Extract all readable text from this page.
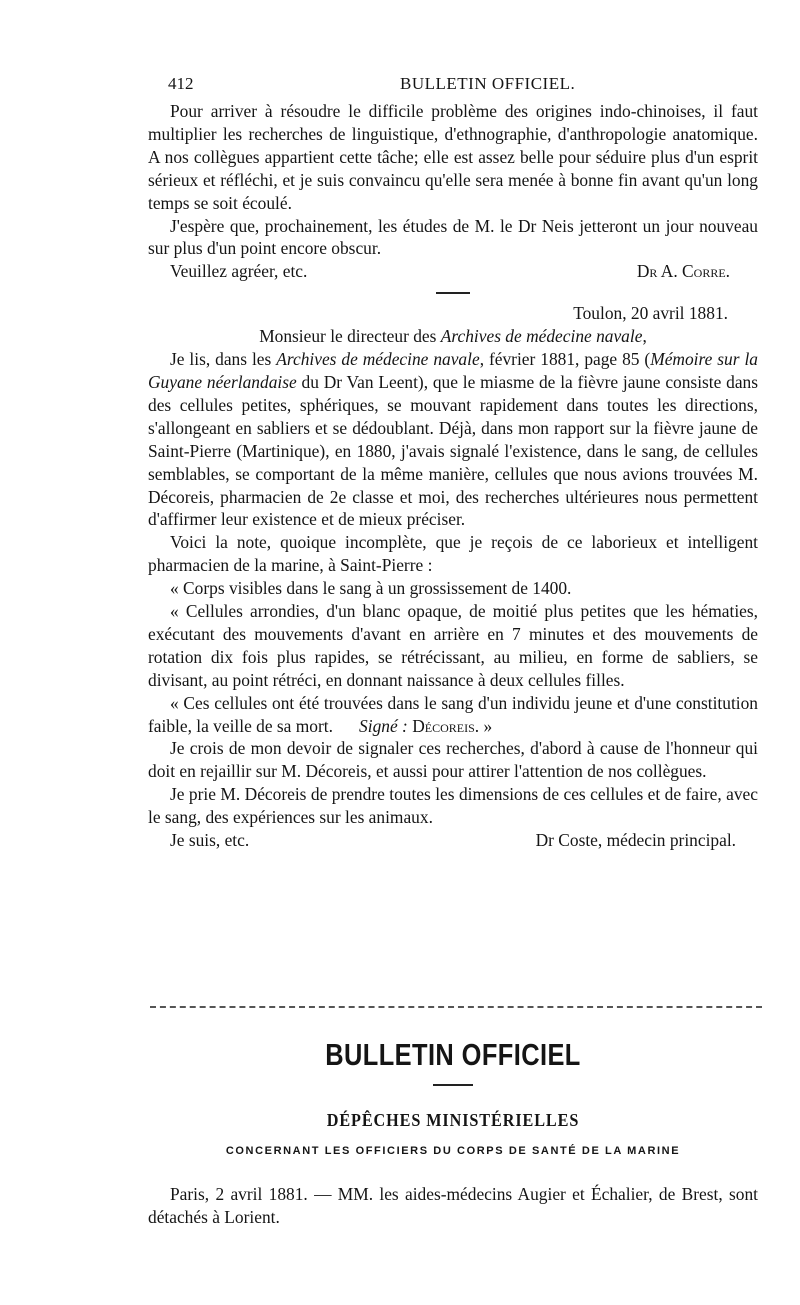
412	BULLETIN OFFICIEL.

Pour arriver à résoudre le difficile problème des origines indo-chinoises, il faut multiplier les recherches de linguistique, d'ethnographie, d'anthropologie anatomique. A nos collègues appartient cette tâche; elle est assez belle pour séduire plus d'un esprit sérieux et réfléchi, et je suis convaincu qu'elle sera menée à bonne fin avant qu'un long temps se soit écoulé.

J'espère que, prochainement, les études de M. le Dr Neis jetteront un jour nouveau sur plus d'un point encore obscur.

Veuillez agréer, etc.	Dr A. Corre.

Toulon, 20 avril 1881.

Monsieur le directeur des Archives de médecine navale,

Je lis, dans les Archives de médecine navale, février 1881, page 85 (Mémoire sur la Guyane néerlandaise du Dr Van Leent), que le miasme de la fièvre jaune consiste dans des cellules petites, sphériques, se mouvant rapidement dans toutes les directions, s'allongeant en sabliers et se dédoublant. Déjà, dans mon rapport sur la fièvre jaune de Saint-Pierre (Martinique), en 1880, j'avais signalé l'existence, dans le sang, de cellules semblables, se comportant de la même manière, cellules que nous avions trouvées M. Décoreis, pharmacien de 2e classe et moi, des recherches ultérieures nous permettent d'affirmer leur existence et de mieux préciser.

Voici la note, quoique incomplète, que je reçois de ce laborieux et intelligent pharmacien de la marine, à Saint-Pierre :

« Corps visibles dans le sang à un grossissement de 1400.

« Cellules arrondies, d'un blanc opaque, de moitié plus petites que les hématies, exécutant des mouvements d'avant en arrière en 7 minutes et des mouvements de rotation dix fois plus rapides, se rétrécissant, au milieu, en forme de sabliers, se divisant, au point rétréci, en donnant naissance à deux cellules filles.

« Ces cellules ont été trouvées dans le sang d'un individu jeune et d'une constitution faible, la veille de sa mort. Signé : Décoreis. »

Je crois de mon devoir de signaler ces recherches, d'abord à cause de l'honneur qui doit en rejaillir sur M. Décoreis, et aussi pour attirer l'attention de nos collègues.

Je prie M. Décoreis de prendre toutes les dimensions de ces cellules et de faire, avec le sang, des expériences sur les animaux.

Je suis, etc.	Dr Coste, médecin principal.

BULLETIN OFFICIEL

DÉPÊCHES MINISTÉRIELLES

CONCERNANT LES OFFICIERS DU CORPS DE SANTÉ DE LA MARINE

Paris, 2 avril 1881. — MM. les aides-médecins Augier et Échalier, de Brest, sont détachés à Lorient.
